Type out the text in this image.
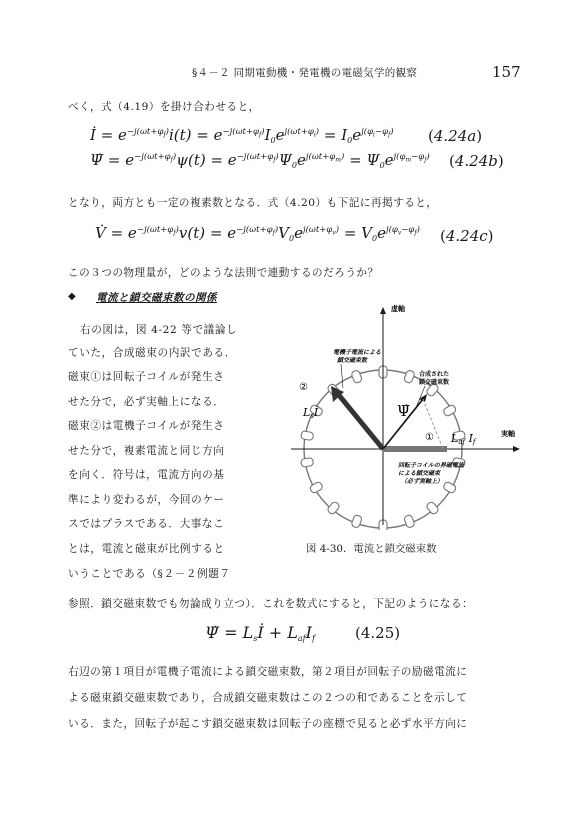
§４－２ 同期電動機・発電機の電磁気学的観察	157
べく，式（4.19）を掛け合わせると，
İ = $e^{-j(\omega t+\varphi_f)}i(t) = e^{-j(\omega t+\varphi_f)}I_0e^{j(\omega t+\varphi_i)} = I_0e^{j(\varphi_i-\varphi_f)}$ (4.24a)
Ψ̇ = $e^{-j(\omega t+\varphi_f)}\psi(t) = e^{-j(\omega t+\varphi_f)}\Psi_0e^{j(\omega t+\varphi_m)} = \Psi_0e^{j(\varphi_m-\varphi_f)}$ (4.24b)
となり，両方とも一定の複素数となる．式（4.20）も下記に再掲すると，
V̇ = $e^{-j(\omega t+\varphi_f)}v(t) = e^{-j(\omega t+\varphi_f)}V_0e^{j(\omega t+\varphi_v)} = V_0e^{j(\varphi_v-\varphi_f)}$ (4.24c)
この３つの物理量が，どのような法則で連動するのだろうか？
◆ 電流と鎖交磁束数の関係
右の図は，図 4-22 等で議論し
ていた，合成磁束の内訳である．
磁束①は回転子コイルが発生さ
せた分で，必ず実軸上になる．
磁束②は電機子コイルが発生さ
せた分で，複素電流と同じ方向
を向く．符号は，電流方向の基
準により変わるが，今回のケー
スではプラスである．大事なこ
とは，電流と磁束が比例すると
いうことである（§２－２例題７
虚軸
実軸
電機子電流による
鎖交磁束数
合成された
鎖交磁束数
回転子コイルの界磁電流
による鎖交磁束
（必ず実軸上）
②
Lsİ	Ψ̇
① Laf If
図 4-30．電流と鎖交磁束数
参照．鎖交磁束数でも勿論成り立つ）．これを数式にすると，下記のようになる：
Ψ̇ = Lsİ + LafIf	(4.25)
右辺の第１項目が電機子電流による鎖交磁束数，第２項目が回転子の励磁電流に
よる磁束鎖交磁束数であり，合成鎖交磁束数はこの２つの和であることを示して
いる．また，回転子が起こす鎖交磁束数は回転子の座標で見ると必ず水平方向に
